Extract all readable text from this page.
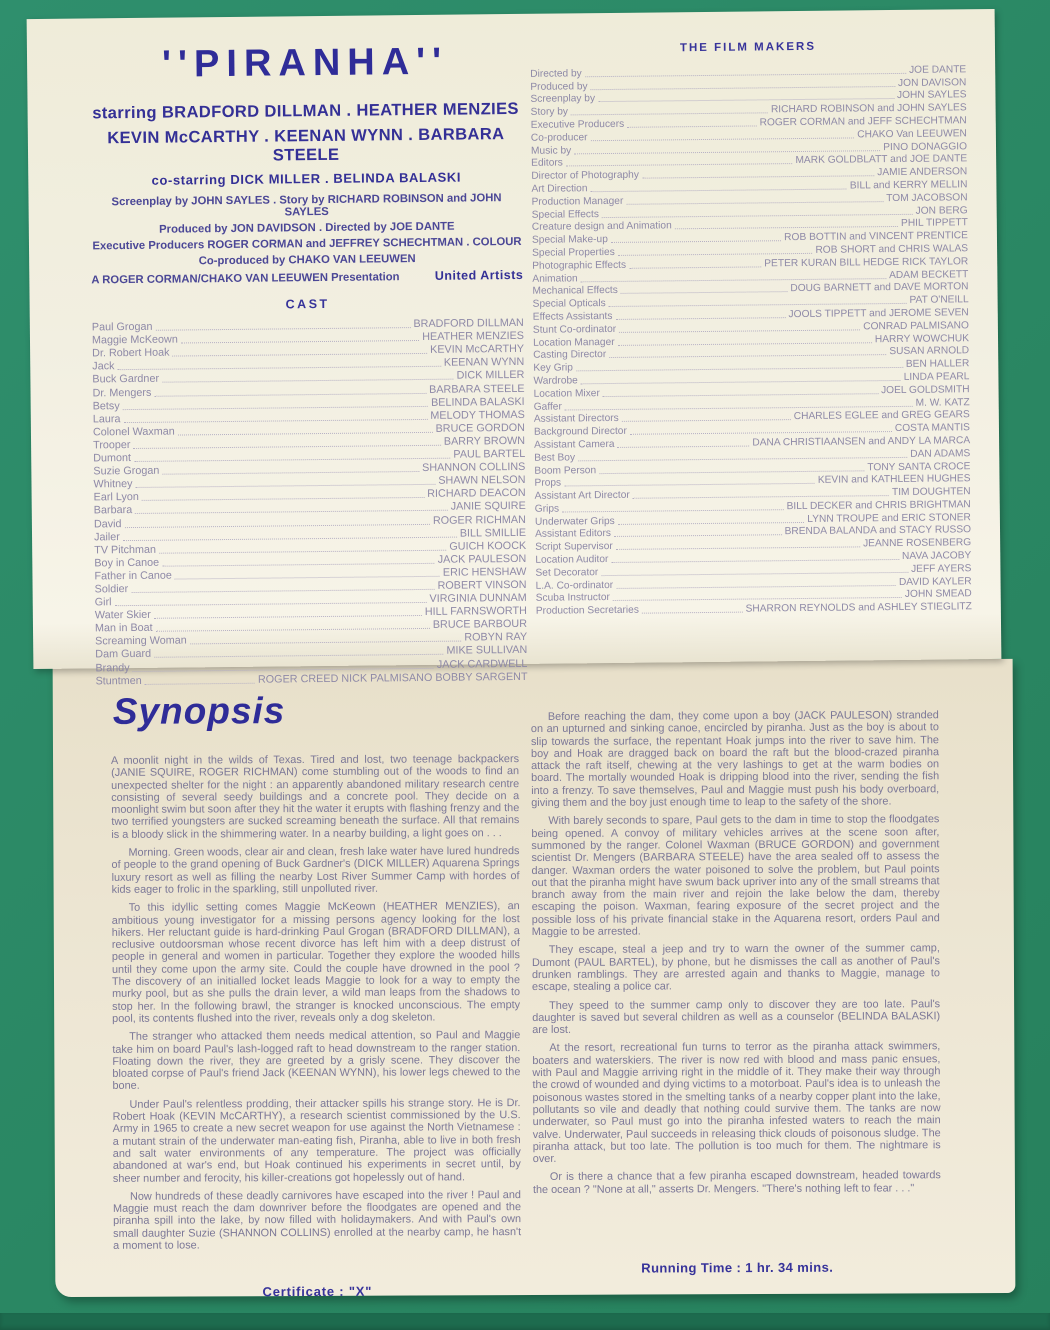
Synopsis

A moonlit night in the wilds of Texas. Tired and lost, two teenage backpackers (JANIE SQUIRE, ROGER RICHMAN) come stumbling out of the woods to find an unexpected shelter for the night : an apparently abandoned military research centre consisting of several seedy buildings and a concrete pool. They decide on a moonlight swim but soon after they hit the water it erupts with flashing frenzy and the two terrified youngsters are sucked screaming beneath the surface. All that remains is a bloody slick in the shimmering water. In a nearby building, a light goes on . . .

Morning. Green woods, clear air and clean, fresh lake water have lured hundreds of people to the grand opening of Buck Gardner's (DICK MILLER) Aquarena Springs luxury resort as well as filling the nearby Lost River Summer Camp with hordes of kids eager to frolic in the sparkling, still unpolluted river.

To this idyllic setting comes Maggie McKeown (HEATHER MENZIES), an ambitious young investigator for a missing persons agency looking for the lost hikers. Her reluctant guide is hard-drinking Paul Grogan (BRADFORD DILLMAN), a reclusive outdoorsman whose recent divorce has left him with a deep distrust of people in general and women in particular. Together they explore the wooded hills until they come upon the army site. Could the couple have drowned in the pool ? The discovery of an initialled locket leads Maggie to look for a way to empty the murky pool, but as she pulls the drain lever, a wild man leaps from the shadows to stop her. In the following brawl, the stranger is knocked unconscious. The empty pool, its contents flushed into the river, reveals only a dog skeleton.

The stranger who attacked them needs medical attention, so Paul and Maggie take him on board Paul's lash-logged raft to head downstream to the ranger station. Floating down the river, they are greeted by a grisly scene. They discover the bloated corpse of Paul's friend Jack (KEENAN WYNN), his lower legs chewed to the bone.

Under Paul's relentless prodding, their attacker spills his strange story. He is Dr. Robert Hoak (KEVIN McCARTHY), a research scientist commissioned by the U.S. Army in 1965 to create a new secret weapon for use against the North Vietnamese : a mutant strain of the underwater man-eating fish, Piranha, able to live in both fresh and salt water environments of any temperature. The project was officially abandoned at war's end, but Hoak continued his experiments in secret until, by sheer number and ferocity, his killer-creations got hopelessly out of hand.

Now hundreds of these deadly carnivores have escaped into the river ! Paul and Maggie must reach the dam downriver before the floodgates are opened and the piranha spill into the lake, by now filled with holidaymakers. And with Paul's own small daughter Suzie (SHANNON COLLINS) enrolled at the nearby camp, he hasn't a moment to lose.

Before reaching the dam, they come upon a boy (JACK PAULESON) stranded on an upturned and sinking canoe, encircled by piranha. Just as the boy is about to slip towards the surface, the repentant Hoak jumps into the river to save him. The boy and Hoak are dragged back on board the raft but the blood-crazed piranha attack the raft itself, chewing at the very lashings to get at the warm bodies on board. The mortally wounded Hoak is dripping blood into the river, sending the fish into a frenzy. To save themselves, Paul and Maggie must push his body overboard, giving them and the boy just enough time to leap to the safety of the shore.

With barely seconds to spare, Paul gets to the dam in time to stop the floodgates being opened. A convoy of military vehicles arrives at the scene soon after, summoned by the ranger. Colonel Waxman (BRUCE GORDON) and government scientist Dr. Mengers (BARBARA STEELE) have the area sealed off to assess the danger. Waxman orders the water poisoned to solve the problem, but Paul points out that the piranha might have swum back upriver into any of the small streams that branch away from the main river and rejoin the lake below the dam, thereby escaping the poison. Waxman, fearing exposure of the secret project and the possible loss of his private financial stake in the Aquarena resort, orders Paul and Maggie to be arrested.

They escape, steal a jeep and try to warn the owner of the summer camp, Dumont (PAUL BARTEL), by phone, but he dismisses the call as another of Paul's drunken ramblings. They are arrested again and thanks to Maggie, manage to escape, stealing a police car.

They speed to the summer camp only to discover they are too late. Paul's daughter is saved but several children as well as a counselor (BELINDA BALASKI) are lost.

At the resort, recreational fun turns to terror as the piranha attack swimmers, boaters and waterskiers. The river is now red with blood and mass panic ensues, with Paul and Maggie arriving right in the middle of it. They make their way through the crowd of wounded and dying victims to a motorboat. Paul's idea is to unleash the poisonous wastes stored in the smelting tanks of a nearby copper plant into the lake, pollutants so vile and deadly that nothing could survive them. The tanks are now underwater, so Paul must go into the piranha infested waters to reach the main valve. Underwater, Paul succeeds in releasing thick clouds of poisonous sludge. The piranha attack, but too late. The pollution is too much for them. The nightmare is over.

Or is there a chance that a few piranha escaped downstream, headed towards the ocean ? "None at all," asserts Dr. Mengers. "There's nothing left to fear . . ."

Certificate : "X"
Running Time : 1 hr. 34 mins.
''PIRANHA''
starring BRADFORD DILLMAN . HEATHER MENZIES
KEVIN McCARTHY . KEENAN WYNN . BARBARA STEELE
co-starring DICK MILLER . BELINDA BALASKI
Screenplay by JOHN SAYLES . Story by RICHARD ROBINSON and JOHN SAYLES
Produced by JON DAVIDSON . Directed by JOE DANTE
Executive Producers ROGER CORMAN and JEFFREY SCHECHTMAN . COLOUR
Co-produced by CHAKO VAN LEEUWEN
A ROGER CORMAN/CHAKO VAN LEEUWEN Presentation	United Artists
CAST
Paul Grogan	BRADFORD DILLMAN
Maggie McKeown	HEATHER MENZIES
Dr. Robert Hoak	KEVIN McCARTHY
Jack	KEENAN WYNN
Buck Gardner	DICK MILLER
Dr. Mengers	BARBARA STEELE
Betsy	BELINDA BALASKI
Laura	MELODY THOMAS
Colonel Waxman	BRUCE GORDON
Trooper	BARRY BROWN
Dumont	PAUL BARTEL
Suzie Grogan	SHANNON COLLINS
Whitney	SHAWN NELSON
Earl Lyon	RICHARD DEACON
Barbara	JANIE SQUIRE
David	ROGER RICHMAN
Jailer	BILL SMILLIE
TV Pitchman	GUICH KOOCK
Boy in Canoe	JACK PAULESON
Father in Canoe	ERIC HENSHAW
Soldier	ROBERT VINSON
Girl	VIRGINIA DUNNAM
Water Skier	HILL FARNSWORTH
Man in Boat	BRUCE BARBOUR
Screaming Woman	ROBYN RAY
Dam Guard	MIKE SULLIVAN
Brandy	JACK CARDWELL
Stuntmen	ROGER CREED NICK PALMISANO BOBBY SARGENT
THE FILM MAKERS
Directed by	JOE DANTE
Produced by	JON DAVISON
Screenplay by	JOHN SAYLES
Story by	RICHARD ROBINSON and JOHN SAYLES
Executive Producers	ROGER CORMAN and JEFF SCHECHTMAN
Co-producer	CHAKO Van LEEUWEN
Music by	PINO DONAGGIO
Editors	MARK GOLDBLATT and JOE DANTE
Director of Photography	JAMIE ANDERSON
Art Direction	BILL and KERRY MELLIN
Production Manager	TOM JACOBSON
Special Effects	JON BERG
Creature design and Animation	PHIL TIPPETT
Special Make-up	ROB BOTTIN and VINCENT PRENTICE
Special Properties	ROB SHORT and CHRIS WALAS
Photographic Effects	PETER KURAN BILL HEDGE RICK TAYLOR
Animation	ADAM BECKETT
Mechanical Effects	DOUG BARNETT and DAVE MORTON
Special Opticals	PAT O'NEILL
Effects Assistants	JOOLS TIPPETT and JEROME SEVEN
Stunt Co-ordinator	CONRAD PALMISANO
Location Manager	HARRY WOWCHUK
Casting Director	SUSAN ARNOLD
Key Grip	BEN HALLER
Wardrobe	LINDA PEARL
Location Mixer	JOEL GOLDSMITH
Gaffer	M. W. KATZ
Assistant Directors	CHARLES EGLEE and GREG GEARS
Background Director	COSTA MANTIS
Assistant Camera	DANA CHRISTIAANSEN and ANDY LA MARCA
Best Boy	DAN ADAMS
Boom Person	TONY SANTA CROCE
Props	KEVIN and KATHLEEN HUGHES
Assistant Art Director	TIM DOUGHTEN
Grips	BILL DECKER and CHRIS BRIGHTMAN
Underwater Grips	LYNN TROUPE and ERIC STONER
Assistant Editors	BRENDA BALANDA and STACY RUSSO
Script Supervisor	JEANNE ROSENBERG
Location Auditor	NAVA JACOBY
Set Decorator	JEFF AYERS
L.A. Co-ordinator	DAVID KAYLER
Scuba Instructor	JOHN SMEAD
Production Secretaries	SHARRON REYNOLDS and ASHLEY STIEGLITZ
